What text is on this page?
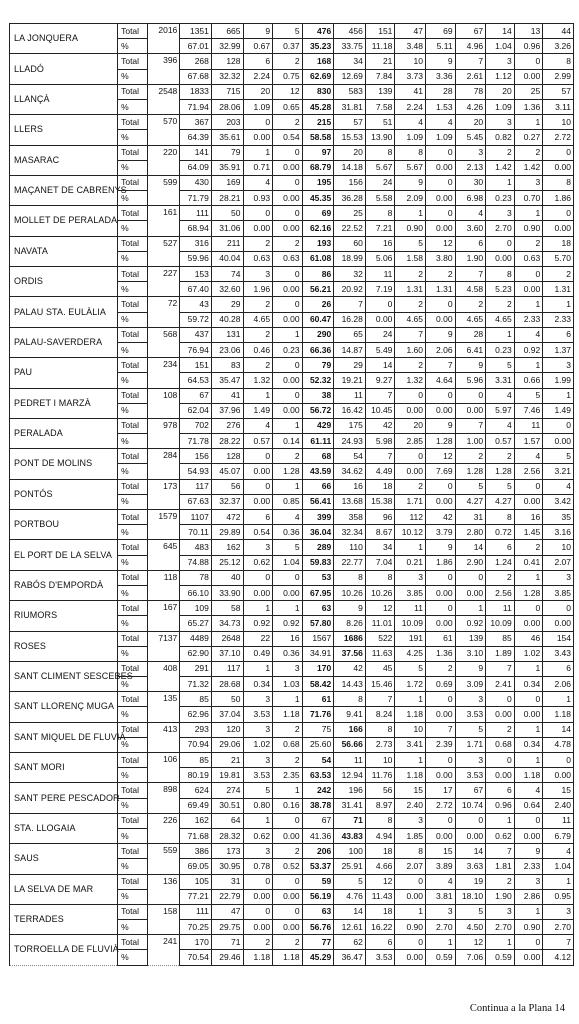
LA JONQUERA	Total	2016	1351	665	9	5	476	456	151	47	69	67	14	13	44
	%		67.01	32.99	0.67	0.37	35.23	33.75	11.18	3.48	5.11	4.96	1.04	0.96	3.26
LLADÓ	Total	396	268	128	6	2	168	34	21	10	9	7	3	0	8
	%		67.68	32.32	2.24	0.75	62.69	12.69	7.84	3.73	3.36	2.61	1.12	0.00	2.99
LLANÇÀ	Total	2548	1833	715	20	12	830	583	139	41	28	78	20	25	57
	%		71.94	28.06	1.09	0.65	45.28	31.81	7.58	2.24	1.53	4.26	1.09	1.36	3.11
LLERS	Total	570	367	203	0	2	215	57	51	4	4	20	3	1	10
	%		64.39	35.61	0.00	0.54	58.58	15.53	13.90	1.09	1.09	5.45	0.82	0.27	2.72
MASARAC	Total	220	141	79	1	0	97	20	8	8	0	3	2	2	0
	%		64.09	35.91	0.71	0.00	68.79	14.18	5.67	5.67	0.00	2.13	1.42	1.42	0.00
MAÇANET DE CABRENYS	Total	599	430	169	4	0	195	156	24	9	0	30	1	3	8
	%		71.79	28.21	0.93	0.00	45.35	36.28	5.58	2.09	0.00	6.98	0.23	0.70	1.86
MOLLET DE PERALADA	Total	161	111	50	0	0	69	25	8	1	0	4	3	1	0
	%		68.94	31.06	0.00	0.00	62.16	22.52	7.21	0.90	0.00	3.60	2.70	0.90	0.00
NAVATA	Total	527	316	211	2	2	193	60	16	5	12	6	0	2	18
	%		59.96	40.04	0.63	0.63	61.08	18.99	5.06	1.58	3.80	1.90	0.00	0.63	5.70
ORDIS	Total	227	153	74	3	0	86	32	11	2	2	7	8	0	2
	%		67.40	32.60	1.96	0.00	56.21	20.92	7.19	1.31	1.31	4.58	5.23	0.00	1.31
PALAU STA. EULÀLIA	Total	72	43	29	2	0	26	7	0	2	0	2	2	1	1
	%		59.72	40.28	4.65	0.00	60.47	16.28	0.00	4.65	0.00	4.65	4.65	2.33	2.33
PALAU-SAVERDERA	Total	568	437	131	2	1	290	65	24	7	9	28	1	4	6
	%		76.94	23.06	0.46	0.23	66.36	14.87	5.49	1.60	2.06	6.41	0.23	0.92	1.37
PAU	Total	234	151	83	2	0	79	29	14	2	7	9	5	1	3
	%		64.53	35.47	1.32	0.00	52.32	19.21	9.27	1.32	4.64	5.96	3.31	0.66	1.99
PEDRET I MARZÀ	Total	108	67	41	1	0	38	11	7	0	0	0	4	5	1
	%		62.04	37.96	1.49	0.00	56.72	16.42	10.45	0.00	0.00	0.00	5.97	7.46	1.49
PERALADA	Total	978	702	276	4	1	429	175	42	20	9	7	4	11	0
	%		71.78	28.22	0.57	0.14	61.11	24.93	5.98	2.85	1.28	1.00	0.57	1.57	0.00
PONT DE MOLINS	Total	284	156	128	0	2	68	54	7	0	12	2	2	4	5
	%		54.93	45.07	0.00	1.28	43.59	34.62	4.49	0.00	7.69	1.28	1.28	2.56	3.21
PONTÓS	Total	173	117	56	0	1	66	16	18	2	0	5	5	0	4
	%		67.63	32.37	0.00	0.85	56.41	13.68	15.38	1.71	0.00	4.27	4.27	0.00	3.42
PORTBOU	Total	1579	1107	472	6	4	399	358	96	112	42	31	8	16	35
	%		70.11	29.89	0.54	0.36	36.04	32.34	8.67	10.12	3.79	2.80	0.72	1.45	3.16
EL PORT DE LA SELVA	Total	645	483	162	3	5	289	110	34	1	9	14	6	2	10
	%		74.88	25.12	0.62	1.04	59.83	22.77	7.04	0.21	1.86	2.90	1.24	0.41	2.07
RABÓS D'EMPORDÀ	Total	118	78	40	0	0	53	8	8	3	0	0	2	1	3
	%		66.10	33.90	0.00	0.00	67.95	10.26	10.26	3.85	0.00	0.00	2.56	1.28	3.85
RIUMORS	Total	167	109	58	1	1	63	9	12	11	0	1	11	0	0
	%		65.27	34.73	0.92	0.92	57.80	8.26	11.01	10.09	0.00	0.92	10.09	0.00	0.00
ROSES	Total	7137	4489	2648	22	16	1567	1686	522	191	61	139	85	46	154
	%		62.90	37.10	0.49	0.36	34.91	37.56	11.63	4.25	1.36	3.10	1.89	1.02	3.43
SANT CLIMENT SESCEBES	Total	408	291	117	1	3	170	42	45	5	2	9	7	1	6
	%		71.32	28.68	0.34	1.03	58.42	14.43	15.46	1.72	0.69	3.09	2.41	0.34	2.06
SANT LLORENÇ MUGA	Total	135	85	50	3	1	61	8	7	1	0	3	0	0	1
	%		62.96	37.04	3.53	1.18	71.76	9.41	8.24	1.18	0.00	3.53	0.00	0.00	1.18
SANT MIQUEL DE FLUVIÀ	Total	413	293	120	3	2	75	166	8	10	7	5	2	1	14
	%		70.94	29.06	1.02	0.68	25.60	56.66	2.73	3.41	2.39	1.71	0.68	0.34	4.78
SANT MORI	Total	106	85	21	3	2	54	11	10	1	0	3	0	1	0
	%		80.19	19.81	3.53	2.35	63.53	12.94	11.76	1.18	0.00	3.53	0.00	1.18	0.00
SANT PERE PESCADOR	Total	898	624	274	5	1	242	196	56	15	17	67	6	4	15
	%		69.49	30.51	0.80	0.16	38.78	31.41	8.97	2.40	2.72	10.74	0.96	0.64	2.40
STA. LLOGAIA	Total	226	162	64	1	0	67	71	8	3	0	0	1	0	11
	%		71.68	28.32	0.62	0.00	41.36	43.83	4.94	1.85	0.00	0.00	0.62	0.00	6.79
SAUS	Total	559	386	173	3	2	206	100	18	8	15	14	7	9	4
	%		69.05	30.95	0.78	0.52	53.37	25.91	4.66	2.07	3.89	3.63	1.81	2.33	1.04
LA SELVA DE MAR	Total	136	105	31	0	0	59	5	12	0	4	19	2	3	1
	%		77.21	22.79	0.00	0.00	56.19	4.76	11.43	0.00	3.81	18.10	1.90	2.86	0.95
TERRADES	Total	158	111	47	0	0	63	14	18	1	3	5	3	1	3
	%		70.25	29.75	0.00	0.00	56.76	12.61	16.22	0.90	2.70	4.50	2.70	0.90	2.70
TORROELLA DE FLUVIÀ	Total	241	170	71	2	2	77	62	6	0	1	12	1	0	7
	%		70.54	29.46	1.18	1.18	45.29	36.47	3.53	0.00	0.59	7.06	0.59	0.00	4.12
Continua a la Plana 14
